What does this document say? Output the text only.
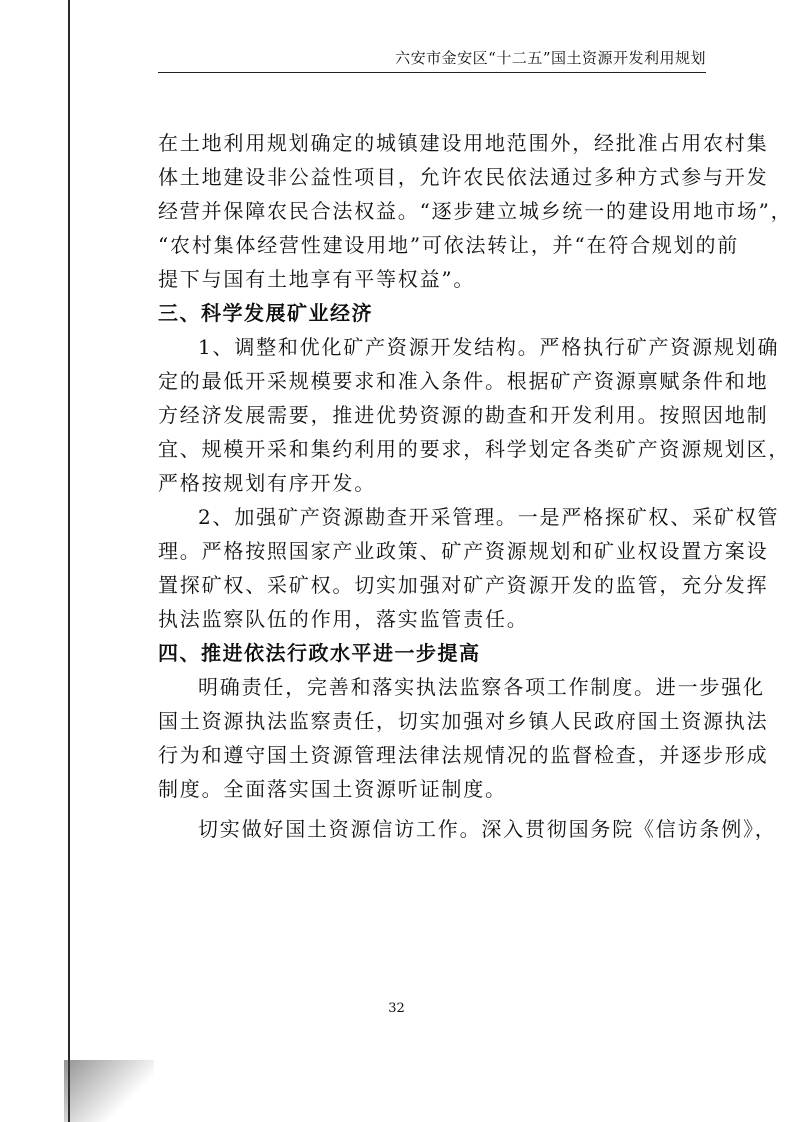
六安市金安区“十二五”国土资源开发利用规划
在土地利用规划确定的城镇建设用地范围外，经批准占用农村集
体土地建设非公益性项目，允许农民依法通过多种方式参与开发
经营并保障农民合法权益。“逐步建立城乡统一的建设用地市场”，
“农村集体经营性建设用地”可依法转让，并“在符合规划的前
提下与国有土地享有平等权益”。
三、科学发展矿业经济
1、调整和优化矿产资源开发结构。严格执行矿产资源规划确
定的最低开采规模要求和准入条件。根据矿产资源禀赋条件和地
方经济发展需要，推进优势资源的勘查和开发利用。按照因地制
宜、规模开采和集约利用的要求，科学划定各类矿产资源规划区，
严格按规划有序开发。
2、加强矿产资源勘查开采管理。一是严格探矿权、采矿权管
理。严格按照国家产业政策、矿产资源规划和矿业权设置方案设
置探矿权、采矿权。切实加强对矿产资源开发的监管，充分发挥
执法监察队伍的作用，落实监管责任。
四、推进依法行政水平进一步提高
明确责任，完善和落实执法监察各项工作制度。进一步强化
国土资源执法监察责任，切实加强对乡镇人民政府国土资源执法
行为和遵守国土资源管理法律法规情况的监督检查，并逐步形成
制度。全面落实国土资源听证制度。
切实做好国土资源信访工作。深入贯彻国务院《信访条例》，
32
